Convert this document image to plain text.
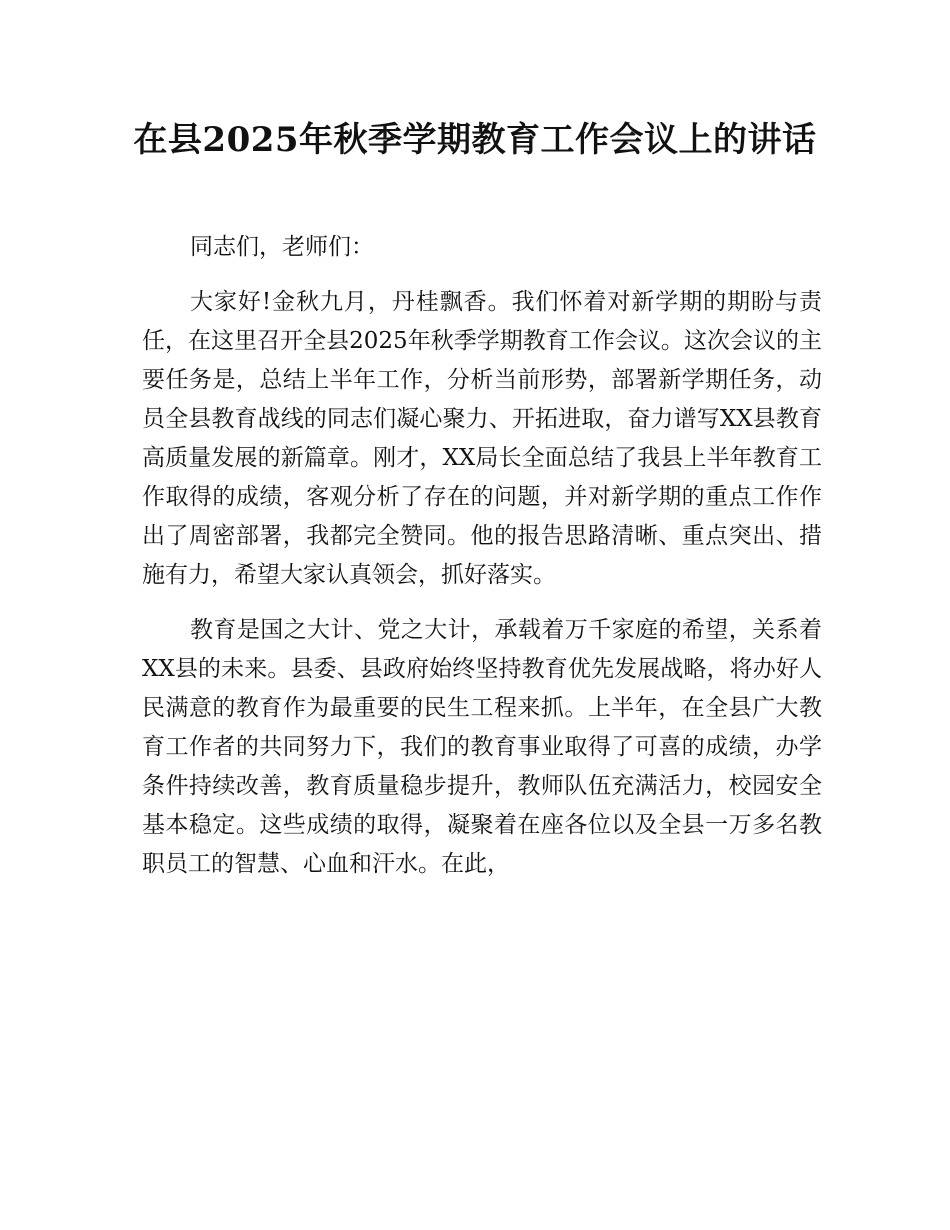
在县2025年秋季学期教育工作会议上的讲话

同志们，老师们：

大家好!金秋九月，丹桂飘香。我们怀着对新学期的期盼与责任，在这里召开全县2025年秋季学期教育工作会议。这次会议的主要任务是，总结上半年工作，分析当前形势，部署新学期任务，动员全县教育战线的同志们凝心聚力、开拓进取，奋力谱写XX县教育高质量发展的新篇章。刚才，XX局长全面总结了我县上半年教育工作取得的成绩，客观分析了存在的问题，并对新学期的重点工作作出了周密部署，我都完全赞同。他的报告思路清晰、重点突出、措施有力，希望大家认真领会，抓好落实。

教育是国之大计、党之大计，承载着万千家庭的希望，关系着XX县的未来。县委、县政府始终坚持教育优先发展战略，将办好人民满意的教育作为最重要的民生工程来抓。上半年，在全县广大教育工作者的共同努力下，我们的教育事业取得了可喜的成绩，办学条件持续改善，教育质量稳步提升，教师队伍充满活力，校园安全基本稳定。这些成绩的取得，凝聚着在座各位以及全县一万多名教职员工的智慧、心血和汗水。在此，
